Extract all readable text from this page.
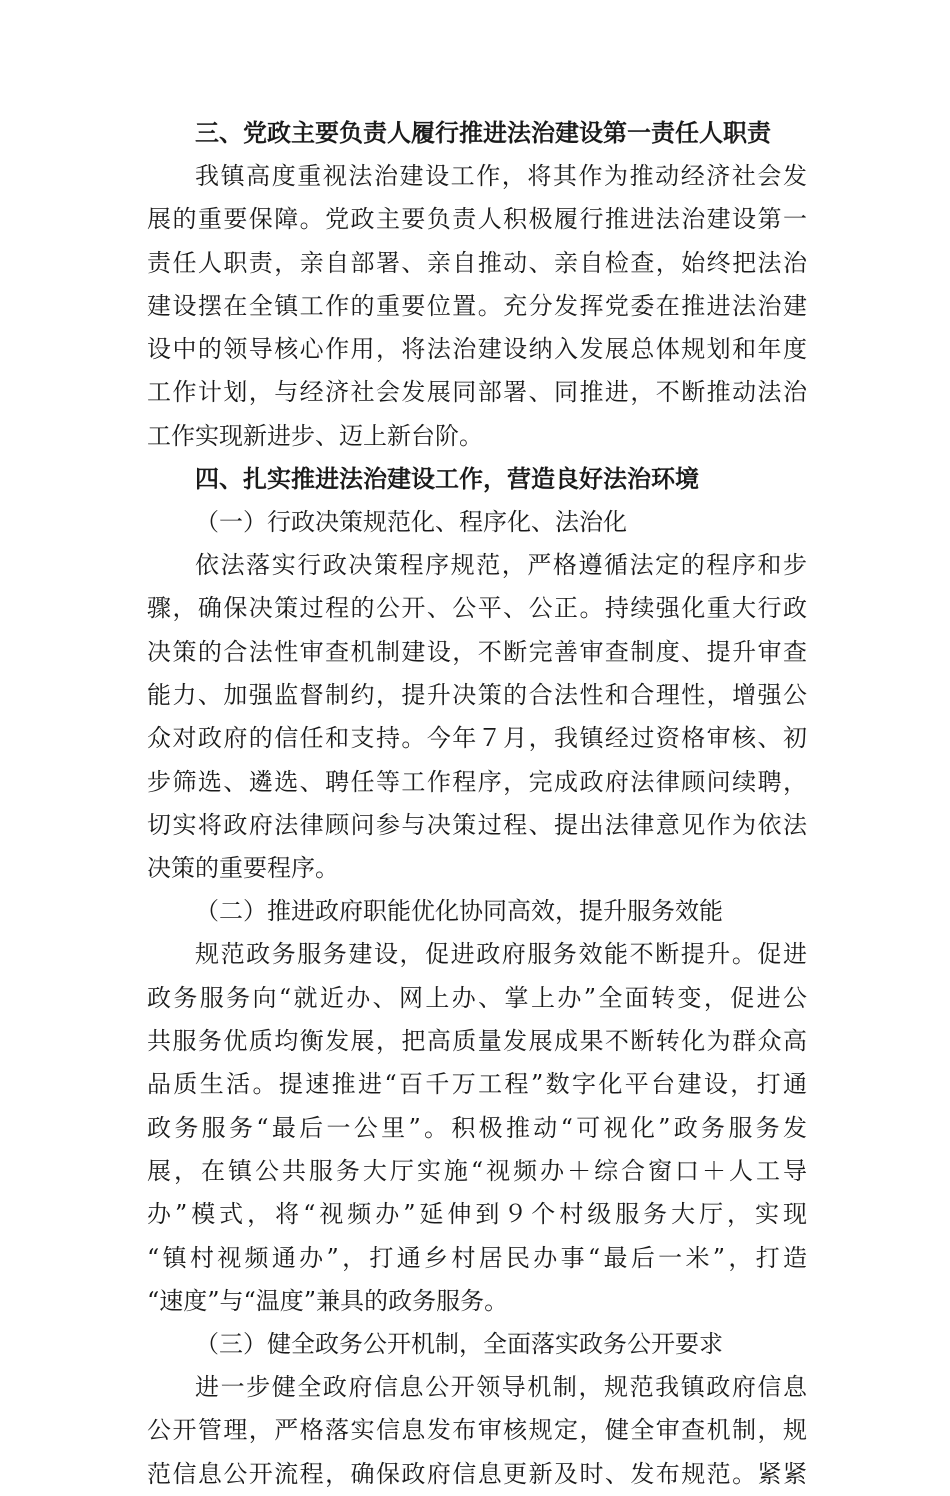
三、党政主要负责人履行推进法治建设第一责任人职责
我镇高度重视法治建设工作，将其作为推动经济社会发
展的重要保障。党政主要负责人积极履行推进法治建设第一
责任人职责，亲自部署、亲自推动、亲自检查，始终把法治
建设摆在全镇工作的重要位置。充分发挥党委在推进法治建
设中的领导核心作用，将法治建设纳入发展总体规划和年度
工作计划，与经济社会发展同部署、同推进，不断推动法治
工作实现新进步、迈上新台阶。
四、扎实推进法治建设工作，营造良好法治环境
（一）行政决策规范化、程序化、法治化
依法落实行政决策程序规范，严格遵循法定的程序和步
骤，确保决策过程的公开、公平、公正。持续强化重大行政
决策的合法性审查机制建设，不断完善审查制度、提升审查
能力、加强监督制约，提升决策的合法性和合理性，增强公
众对政府的信任和支持。今年７月，我镇经过资格审核、初
步筛选、遴选、聘任等工作程序，完成政府法律顾问续聘，
切实将政府法律顾问参与决策过程、提出法律意见作为依法
决策的重要程序。
（二）推进政府职能优化协同高效，提升服务效能
规范政务服务建设，促进政府服务效能不断提升。促进
政务服务向“就近办、网上办、掌上办”全面转变，促进公
共服务优质均衡发展，把高质量发展成果不断转化为群众高
品质生活。提速推进“百千万工程”数字化平台建设，打通
政务服务“最后一公里”。积极推动“可视化”政务服务发
展，在镇公共服务大厅实施“视频办＋综合窗口＋人工导
办”模式，将“视频办”延伸到９个村级服务大厅，实现
“镇村视频通办”，打通乡村居民办事“最后一米”，打造
“速度”与“温度”兼具的政务服务。
（三）健全政务公开机制，全面落实政务公开要求
进一步健全政府信息公开领导机制，规范我镇政府信息
公开管理，严格落实信息发布审核规定，健全审查机制，规
范信息公开流程，确保政府信息更新及时、发布规范。紧紧
